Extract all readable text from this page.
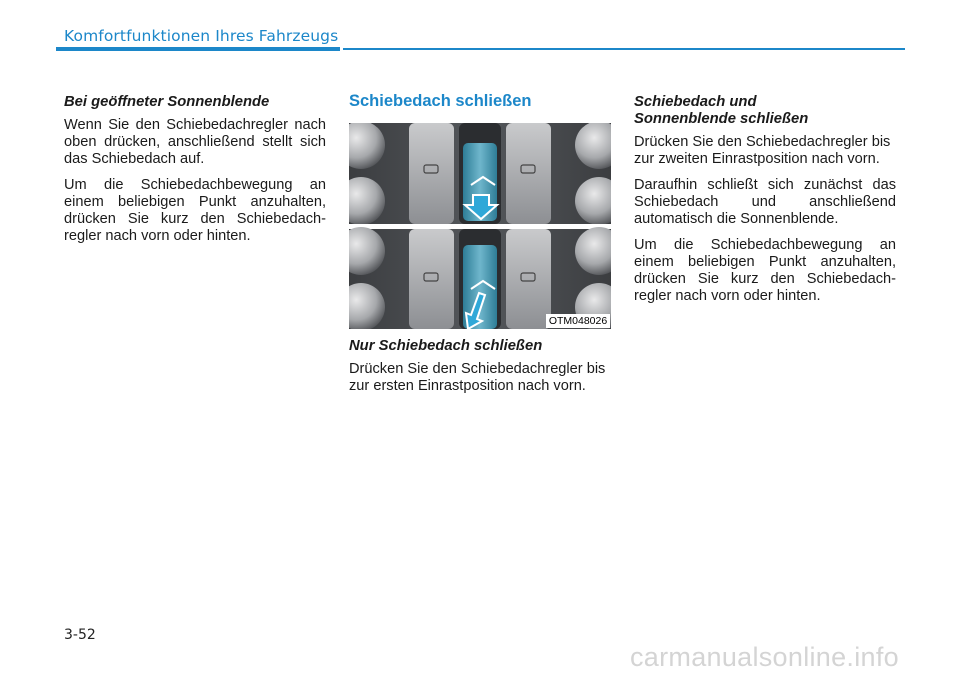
Komfortfunktionen Ihres Fahrzeugs
Bei geöffneter Sonnenblende

Wenn Sie den Schiebedachregler nach oben drücken, anschließend stellt sich das Schiebedach auf.

Um die Schiebedachbewegung an einem beliebigen Punkt anzuhalten, drücken Sie kurz den Schiebedach-regler nach vorn oder hinten.

Schiebedach schließen
OTM048026
Nur Schiebedach schließen

Drücken Sie den Schiebedachregler bis zur ersten Einrastposition nach vorn.

Schiebedach und
Sonnenblende schließen

Drücken Sie den Schiebedachregler bis zur zweiten Einrastposition nach vorn.

Daraufhin schließt sich zunächst das Schiebedach und anschließend automatisch die Sonnenblende.

Um die Schiebedachbewegung an einem beliebigen Punkt anzuhalten, drücken Sie kurz den Schiebedach-regler nach vorn oder hinten.

3-52
carmanualsonline.info
